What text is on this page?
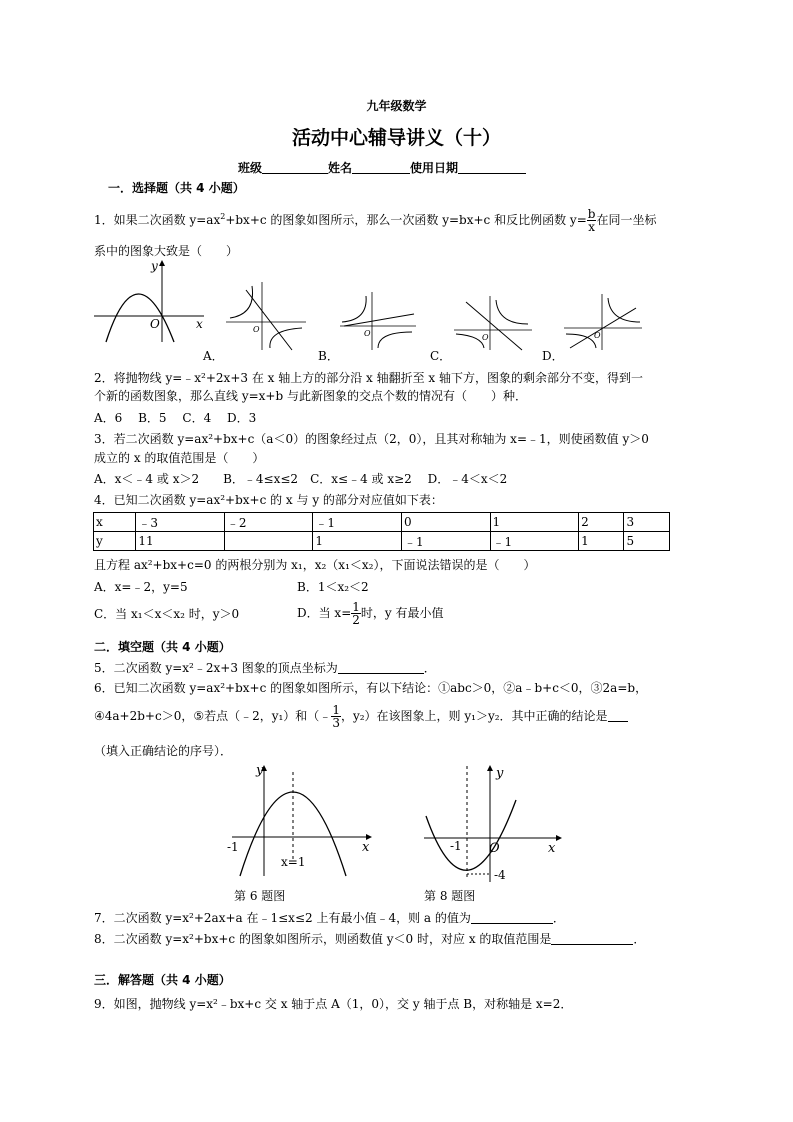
九年级数学
活动中心辅导讲义（十）
班级	姓名	使用日期
一．选择题（共 4 小题）
1．如果二次函数 $y=ax^2+bx+c$ 的图象如图所示，那么一次函数 y=bx+c 和反比例函数 $y= \frac{b}{x}$ 在同一坐标
系中的图象大致是（　　）
y
O	x	O	O	O	O
A．	B．	C．	D．
2．将抛物线 y=﹣x²+2x+3 在 x 轴上方的部分沿 x 轴翻折至 x 轴下方，图象的剩余部分不变，得到一
个新的函数图象，那么直线 y=x+b 与此新图象的交点个数的情况有（　　）种．
A．6　 B．5　 C．4　 D．3
3．若二次函数 y=ax²+bx+c（a＜0）的图象经过点（2，0），且其对称轴为 x=﹣1，则使函数值 y＞0
成立的 x 的取值范围是（　　）
A．x＜﹣4 或 x＞2　　B．﹣4≤x≤2　C．x≤﹣4 或 x≥2　 D．﹣4＜x＜2
4．已知二次函数 y=ax²+bx+c 的 x 与 y 的部分对应值如下表：
x	﹣3	﹣2	﹣1	0	1	2	3
y	11		1	﹣1	﹣1	1	5
且方程 ax²+bx+c=0 的两根分别为 x₁，x₂（x₁＜x₂），下面说法错误的是（　　）
A．x=﹣2，y=5	B．1＜x₂＜2
C．当 x₁＜x＜x₂ 时，y＞0	D．当 $x= \frac{1}{2}$ 时，y 有最小值
二．填空题（共 4 小题）
5．二次函数 y=x²﹣2x+3 图象的顶点坐标为	．
6．已知二次函数 y=ax²+bx+c 的图象如图所示，有以下结论：①abc＞0，②a﹣b+c＜0，③2a=b，
④4a+2b+c＞0，⑤若点（﹣2，y₁）和（﹣ $\frac{1}{3}$ ，y₂）在该图象上，则 y₁＞y₂．其中正确的结论是
（填入正确结论的序号）．
y
x
-1
x=1
第 6 题图
y
x
-1 O
-4
第 8 题图
7．二次函数 y=x²+2ax+a 在﹣1≤x≤2 上有最小值﹣4，则 a 的值为	．
8．二次函数 y=x²+bx+c 的图象如图所示，则函数值 y＜0 时，对应 x 的取值范围是	．
三．解答题（共 4 小题）
9．如图，抛物线 y=x²﹣bx+c 交 x 轴于点 A（1，0），交 y 轴于点 B，对称轴是 x=2．
